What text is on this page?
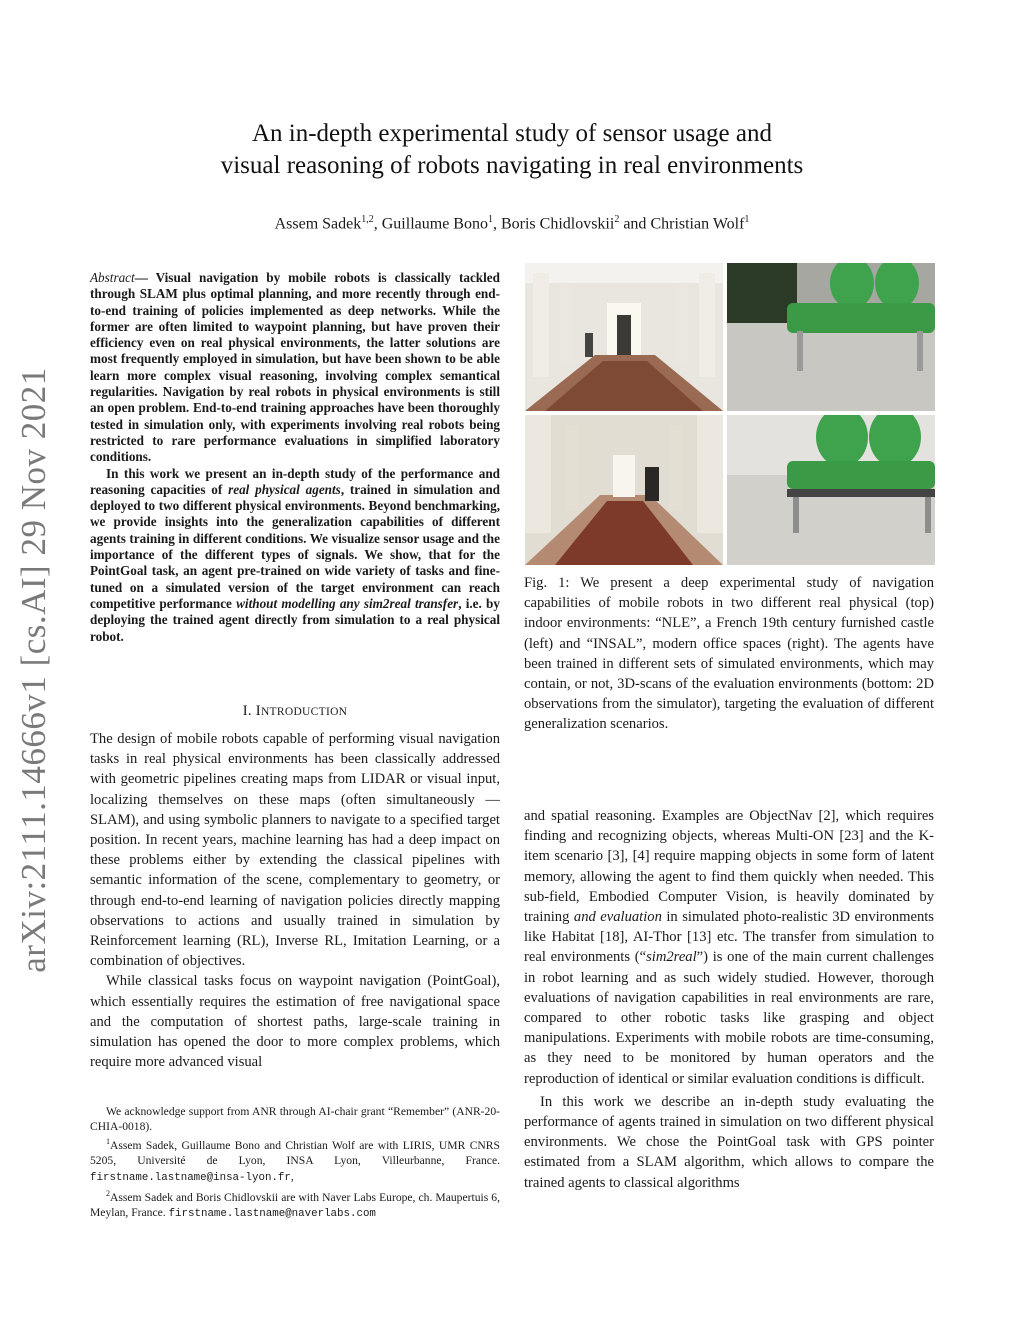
arXiv:2111.14666v1 [cs.AI] 29 Nov 2021
An in-depth experimental study of sensor usage and
visual reasoning of robots navigating in real environments
Assem Sadek$^{1,2}$, Guillaume Bono$^1$, Boris Chidlovskii$^2$ and Christian Wolf$^1$

Abstract— Visual navigation by mobile robots is classically tackled through SLAM plus optimal planning, and more recently through end-to-end training of policies implemented as deep networks. While the former are often limited to waypoint planning, but have proven their efficiency even on real physical environments, the latter solutions are most frequently employed in simulation, but have been shown to be able learn more complex visual reasoning, involving complex semantical regularities. Navigation by real robots in physical environments is still an open problem. End-to-end training approaches have been thoroughly tested in simulation only, with experiments involving real robots being restricted to rare performance evaluations in simplified laboratory conditions.

In this work we present an in-depth study of the performance and reasoning capacities of real physical agents, trained in simulation and deployed to two different physical environments. Beyond benchmarking, we provide insights into the generalization capabilities of different agents training in different conditions. We visualize sensor usage and the importance of the different types of signals. We show, that for the PointGoal task, an agent pre-trained on wide variety of tasks and fine-tuned on a simulated version of the target environment can reach competitive performance without modelling any sim2real transfer, i.e. by deploying the trained agent directly from simulation to a real physical robot.

I. INTRODUCTION

The design of mobile robots capable of performing visual navigation tasks in real physical environments has been classically addressed with geometric pipelines creating maps from LIDAR or visual input, localizing themselves on these maps (often simultaneously — SLAM), and using symbolic planners to navigate to a specified target position. In recent years, machine learning has had a deep impact on these problems either by extending the classical pipelines with semantic information of the scene, complementary to geometry, or through end-to-end learning of navigation policies directly mapping observations to actions and usually trained in simulation by Reinforcement learning (RL), Inverse RL, Imitation Learning, or a combination of objectives.

While classical tasks focus on waypoint navigation (PointGoal), which essentially requires the estimation of free navigational space and the computation of shortest paths, large-scale training in simulation has opened the door to more complex problems, which require more advanced visual

We acknowledge support from ANR through AI-chair grant “Remember” (ANR-20-CHIA-0018).

$^1$Assem Sadek, Guillaume Bono and Christian Wolf are with LIRIS, UMR CNRS 5205, Université de Lyon, INSA Lyon, Villeurbanne, France. firstname.lastname@insa-lyon.fr,

$^2$Assem Sadek and Boris Chidlovskii are with Naver Labs Europe, ch. Maupertuis 6, Meylan, France. firstname.lastname@naverlabs.com

Fig. 1: We present a deep experimental study of navigation capabilities of mobile robots in two different real physical (top) indoor environments: “NLE”, a French 19th century furnished castle (left) and “INSAL”, modern office spaces (right). The agents have been trained in different sets of simulated environments, which may contain, or not, 3D-scans of the evaluation environments (bottom: 2D observations from the simulator), targeting the evaluation of different generalization scenarios.

and spatial reasoning. Examples are ObjectNav [2], which requires finding and recognizing objects, whereas Multi-ON [23] and the K-item scenario [3], [4] require mapping objects in some form of latent memory, allowing the agent to find them quickly when needed. This sub-field, Embodied Computer Vision, is heavily dominated by training and evaluation in simulated photo-realistic 3D environments like Habitat [18], AI-Thor [13] etc. The transfer from simulation to real environments (“sim2real”) is one of the main current challenges in robot learning and as such widely studied. However, thorough evaluations of navigation capabilities in real environments are rare, compared to other robotic tasks like grasping and object manipulations. Experiments with mobile robots are time-consuming, as they need to be monitored by human operators and the reproduction of identical or similar evaluation conditions is difficult.

In this work we describe an in-depth study evaluating the performance of agents trained in simulation on two different physical environments. We chose the PointGoal task with GPS pointer estimated from a SLAM algorithm, which allows to compare the trained agents to classical algorithms
